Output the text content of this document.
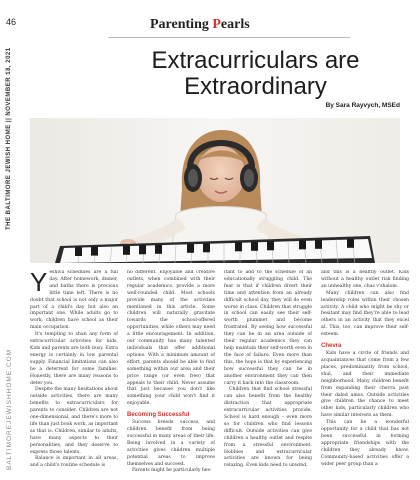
46	Parenting Pearls
THE BALTIMORE JEWISH HOME || NOVEMBER 18, 2021
BALTIMOREJEWISHHOME.COM
Extracurriculars are Extraordinary
By Sara Rayvych, MSEd

Yeshiva schedules are a full day. After homework, dinner, and baths there is precious little time left. There is no doubt that school is not only a major part of a child's day but also an important one. While adults go to work, children have school as their main occupation.

It's tempting to shun any form of extracurricular activities for kids. Kids and parents are both busy. Extra energy is certainly in low parental supply. Financial limitations can also be a deterrent for some families. Honestly, there are many reasons to deter you.

Despite the many hesitations about outside activities, there are many benefits to extracurriculars for parents to consider. Children are not one-dimensional, and there's more to life than just book work, as important as that is. Children, similar to adults, have many aspects to their personalities, and they deserve to express those talents.

Balance is important in all areas, and a child's routine schedule is

no different. Enjoyable and creative outlets, when combined with their regular academics, provide a more well-rounded child. Most schools provide many of the activities mentioned in this article. Some children will naturally gravitate towards the school-offered opportunities, while others may need a little encouragement. In addition, our community has many talented individuals that offer additional options. With a minimum amount of effort, parents should be able to find something within our area and their price range (or even free) that appeals to their child. Never assume that just because you don't like something your child won't find it enjoyable.

Becoming Successful

Success breeds success, and children benefit from being successful in many areas of their life. Being involved in a variety of activities gives children multiple potential areas to improve themselves and succeed.

Parents might be particularly hes-

itant to add to the schedule of an educationally struggling child. The fear is that if children divert their time and attention from an already difficult school day, they will do even worse in class. Children that struggle in school can easily see their self-worth plummet and become frustrated. By seeing how successful they can be in an area outside of their regular academics they can help maintain their self-worth even in the face of failure. Even more than this, the hope is that by experiencing how successful they can be in another environment they can then carry it back into the classroom.

Children that find school stressful can also benefit from the healthy distraction that appropriate extracurricular activities provide. School is hard enough – even more so for children who find lessons difficult. Outside activities can give children a healthy outlet and respite from a stressful environment. Hobbies and extracurricular activities are known for being relaxing. Even kids need to unwind,

and this is a healthy outlet. Kids without a healthy outlet risk finding an unhealthy one, chas v'shalom.

Many children can also find leadership roles within their chosen activity. A child who might be shy or hesitant may find they're able to lead others in an activity that they excel at. This, too, can improve their self-esteem.

Chevra

Kids have a circle of friends and acquaintances that come from a few places, predominantly from school, shul, and their immediate neighborhood. Many children benefit from expanding their chevra past their daled amos. Outside activities give children the chance to meet other kids, particularly children who have similar interests as them.

This can be a wonderful opportunity for a child that has not been successful in forming appropriate friendships with the children they already know. Community-based activities offer a wider peer group than a
